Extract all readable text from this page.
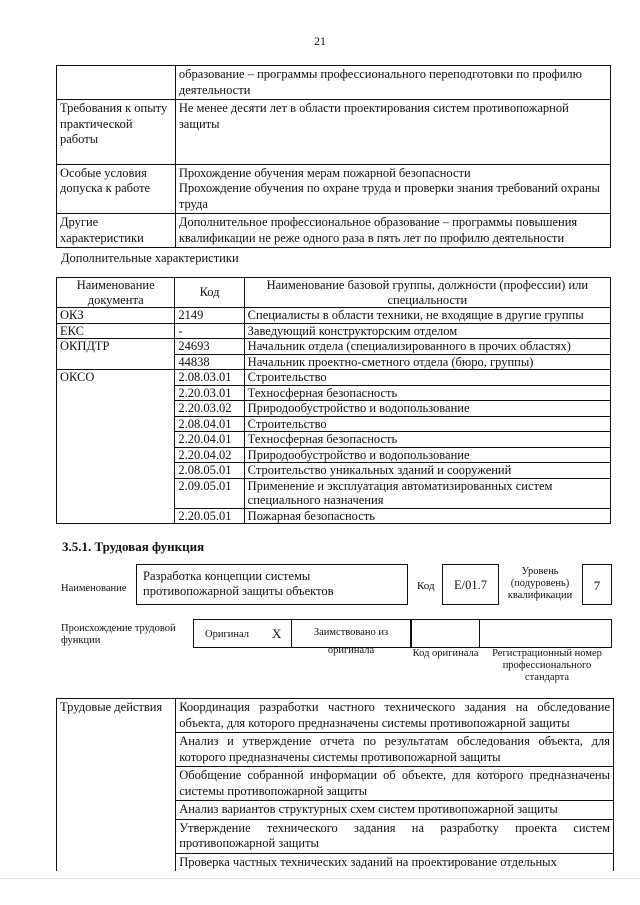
21

	образование – программы профессионального переподготовки по профилю деятельности

Требования к опыту практической работы	Не менее десяти лет в области проектирования систем противопожарной защиты

Особые условия допуска к работе	Прохождение обучения мерам пожарной безопасности
Прохождение обучения по охране труда и проверки знания требований охраны труда

Другие характеристики	Дополнительное профессиональное образование – программы повышения квалификации не реже одного раза в пять лет по профилю деятельности
Дополнительные характеристики
Наименование документа	Код	Наименование базовой группы, должности (профессии) или специальности
ОКЗ	2149	Специалисты в области техники, не входящие в другие группы
ЕКС	-	Заведующий конструкторским отделом
ОКПДТР	24693	Начальник отдела (специализированного в прочих областях)
	44838	Начальник проектно-сметного отдела (бюро, группы)
ОКСО	2.08.03.01	Строительство
	2.20.03.01	Техносферная безопасность
	2.20.03.02	Природообустройство и водопользование
	2.08.04.01	Строительство
	2.20.04.01	Техносферная безопасность
	2.20.04.02	Природообустройство и водопользование
	2.08.05.01	Строительство уникальных зданий и сооружений
	2.09.05.01	Применение и эксплуатация автоматизированных систем специального назначения
	2.20.05.01	Пожарная безопасность
3.5.1. Трудовая функция
Наименование
Разработка концепции системы противопожарной защиты объектов	Код	E/01.7
Уровень (подуровень) квалификации
7
Происхождение трудовой функции
Оригинал X	Заимствовано из оригинала	Код оригинала	Регистрационный номер профессионального стандарта
Трудовые действия	Координация разработки частного технического задания на обследование объекта, для которого предназначены системы противопожарной защиты
Анализ и утверждение отчета по результатам обследования объекта, для которого предназначены системы противопожарной защиты
Обобщение собранной информации об объекте, для которого предназначены системы противопожарной защиты
Анализ вариантов структурных схем систем противопожарной защиты
Утверждение технического задания на разработку проекта систем противопожарной защиты
Проверка частных технических заданий на проектирование отдельных
